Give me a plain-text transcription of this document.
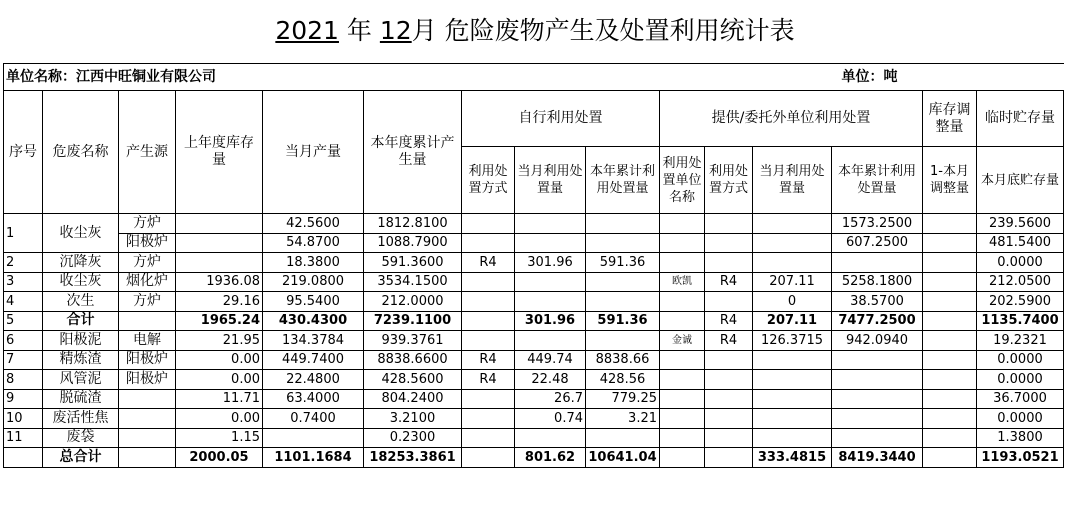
2021 年 12月 危险废物产生及处置利用统计表
单位名称：江西中旺铜业有限公司												单位：吨		
序号	危废名称	产生源	上年度库存量	当月产量	本年度累计产生量	自行利用处置			提供/委托外单位利用处置				库存调整量	临时贮存量
						利用处置方式	当月利用处置量	本年累计利用处置量	利用处置单位名称	利用处置方式	当月利用处置量	本年累计利用处置量	1-本月调整量	本月底贮存量
1	收尘灰	方炉		42.5600	1812.8100							1573.2500		239.5600
		阳极炉		54.8700	1088.7900							607.2500		481.5400
2	沉降灰	方炉		18.3800	591.3600	R4	301.96	591.36						0.0000
3	收尘灰	烟化炉	1936.08	219.0800	3534.1500				欧凯	R4	207.11	5258.1800		212.0500
4	次生	方炉	29.16	95.5400	212.0000						0	38.5700		202.5900
5	合计		1965.24	430.4300	7239.1100		301.96	591.36		R4	207.11	7477.2500		1135.7400
6	阳极泥	电解	21.95	134.3784	939.3761				金诚	R4	126.3715	942.0940		19.2321
7	精炼渣	阳极炉	0.00	449.7400	8838.6600	R4	449.74	8838.66						0.0000
8	风管泥	阳极炉	0.00	22.4800	428.5600	R4	22.48	428.56						0.0000
9	脱硫渣		11.71	63.4000	804.2400		26.7	779.25						36.7000
10	废活性焦		0.00	0.7400	3.2100		0.74	3.21						0.0000
11	废袋		1.15		0.2300									1.3800
	总合计		2000.05	1101.1684	18253.3861		801.62	10641.04			333.4815	8419.3440		1193.0521
